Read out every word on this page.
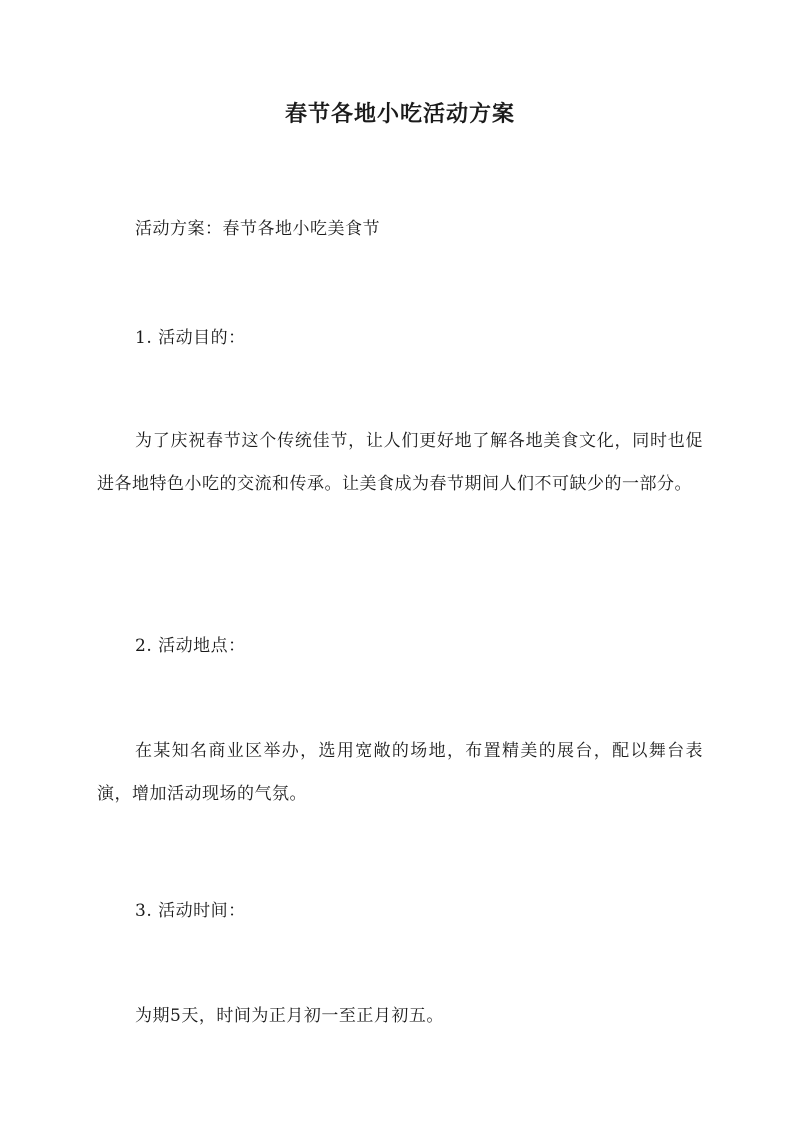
春节各地小吃活动方案

活动方案：春节各地小吃美食节

1. 活动目的：

为了庆祝春节这个传统佳节，让人们更好地了解各地美食文化，同时也促进各地特色小吃的交流和传承。让美食成为春节期间人们不可缺少的一部分。

2. 活动地点：

在某知名商业区举办，选用宽敞的场地，布置精美的展台，配以舞台表演，增加活动现场的气氛。

3. 活动时间：

为期5天，时间为正月初一至正月初五。
